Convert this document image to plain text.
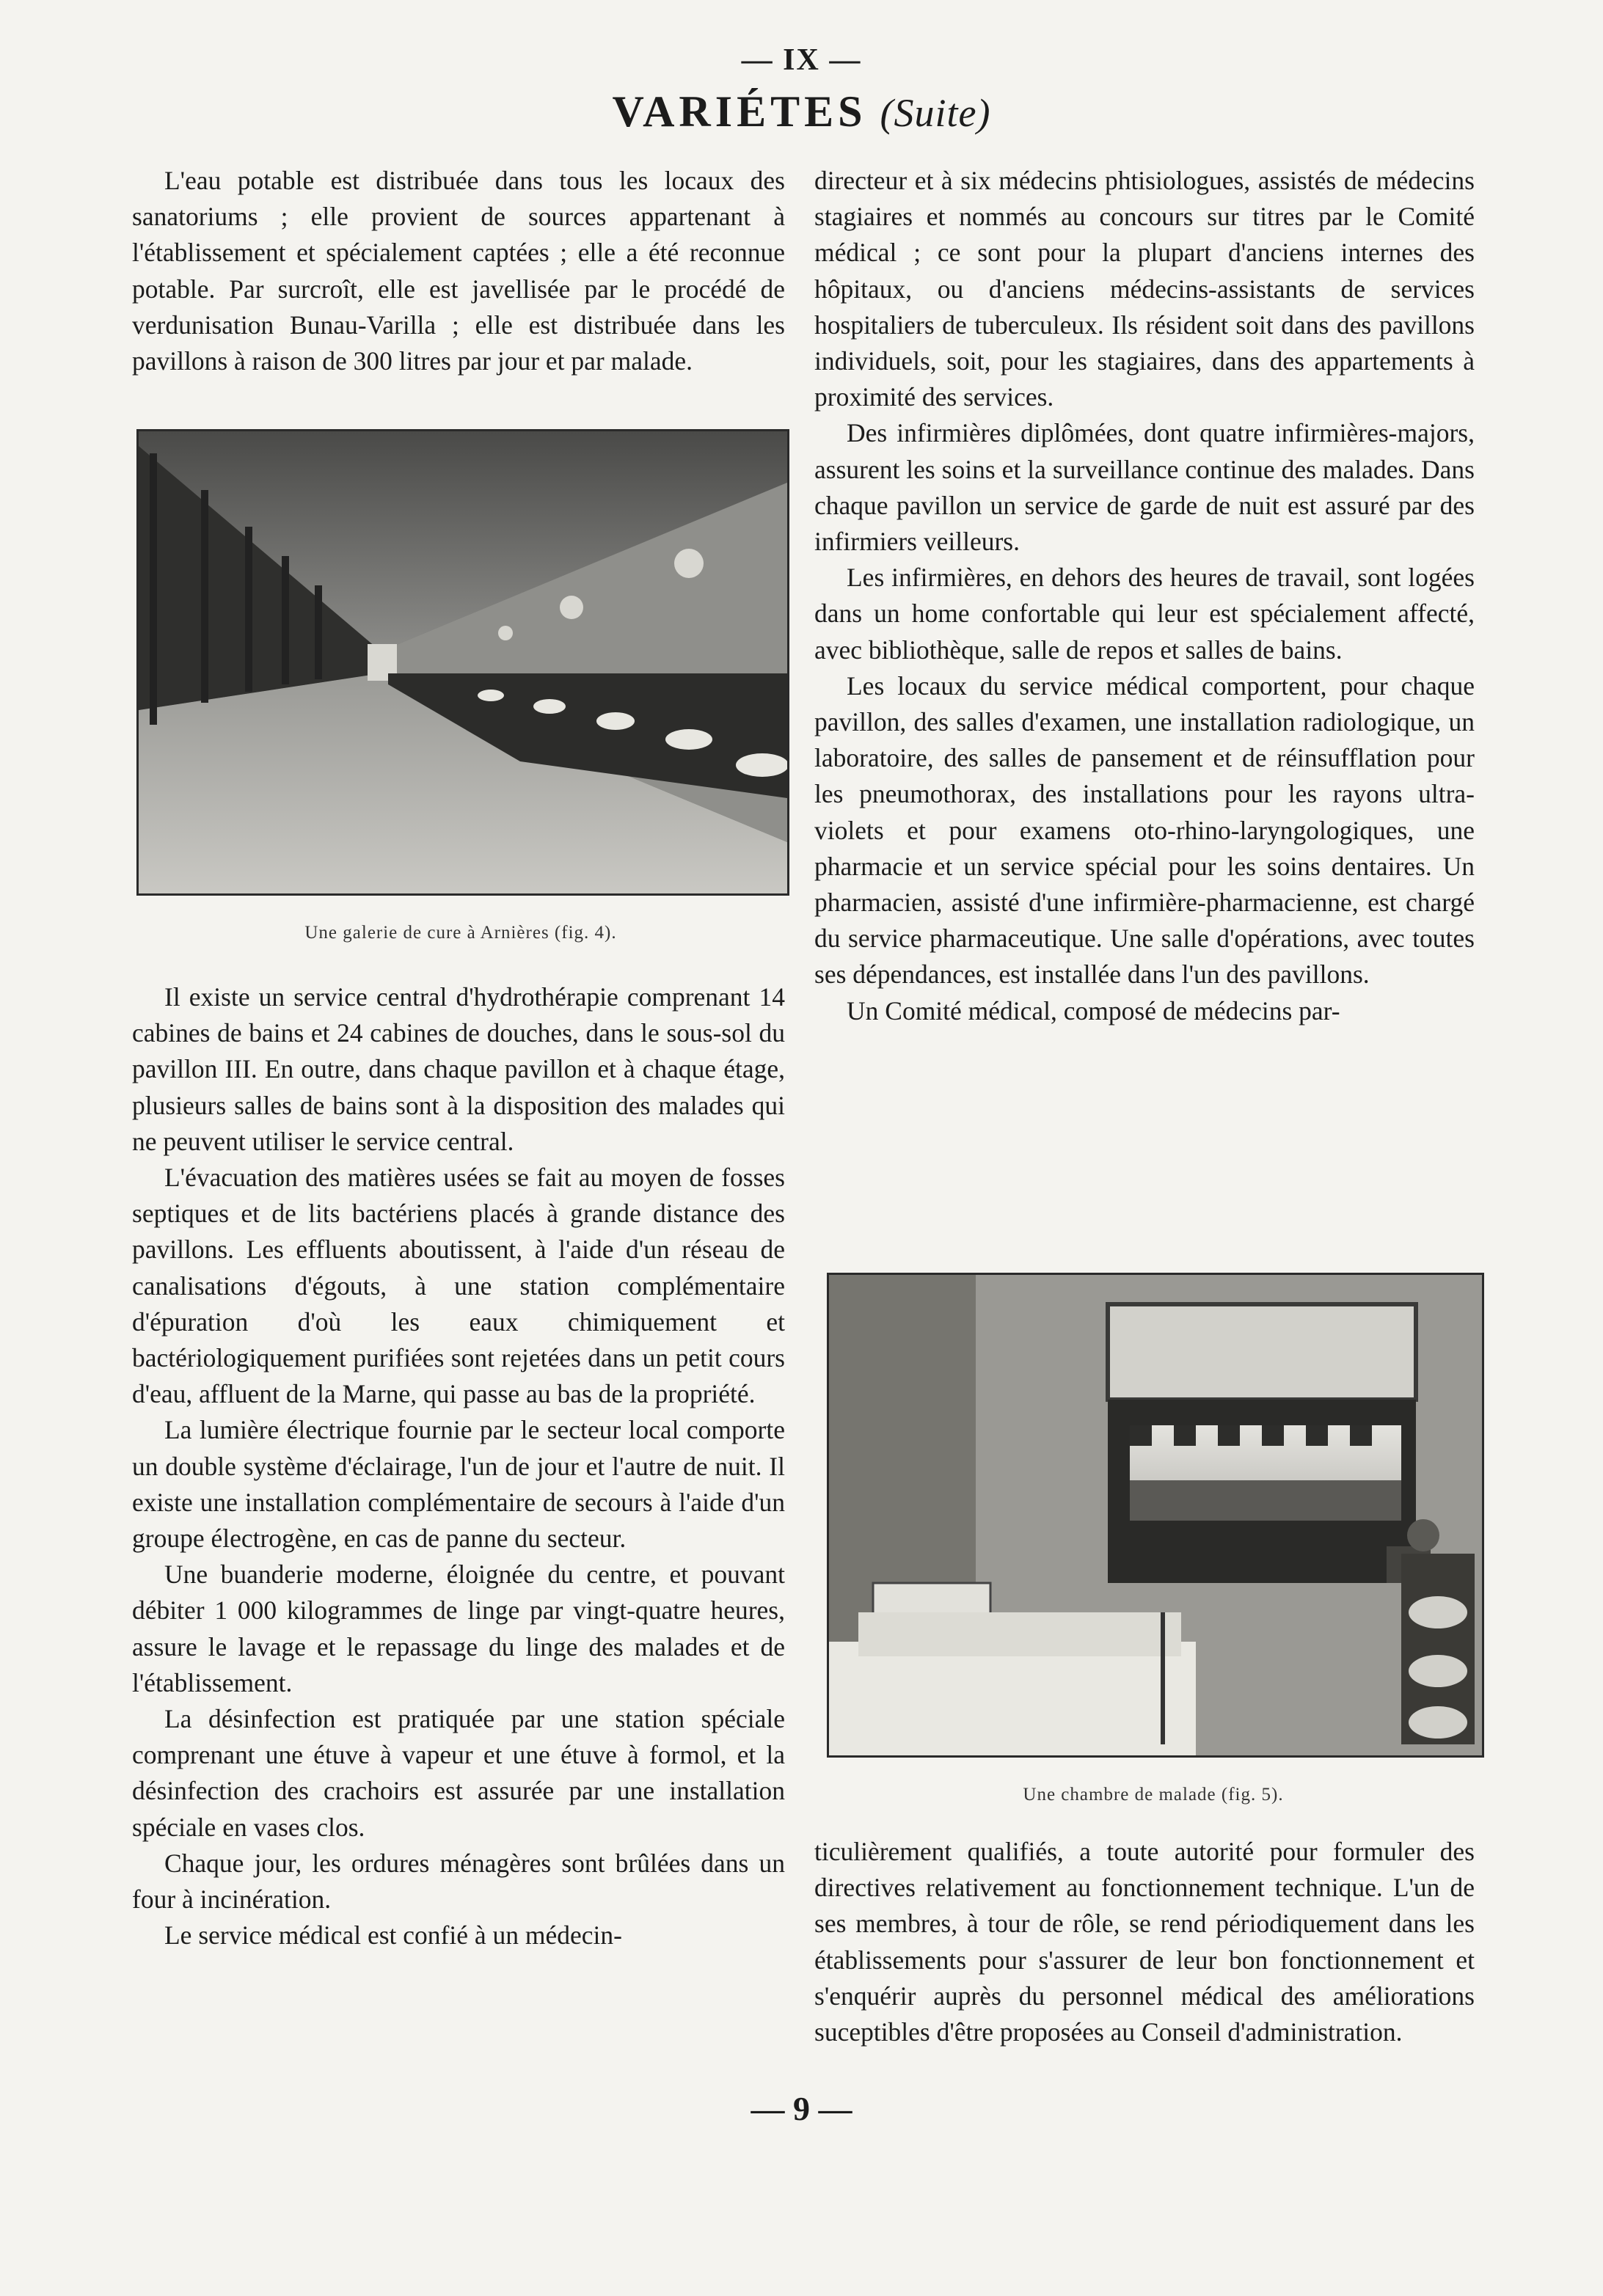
— IX —
VARIÉTES (Suite)

L'eau potable est distribuée dans tous les locaux des sanatoriums ; elle provient de sources appartenant à l'établissement et spécialement captées ; elle a été reconnue potable. Par surcroît, elle est javellisée par le procédé de verdunisation Bunau-Varilla ; elle est distribuée dans les pavillons à raison de 300 litres par jour et par malade.

Une galerie de cure à Arnières (fig. 4).

Il existe un service central d'hydrothérapie comprenant 14 cabines de bains et 24 cabines de douches, dans le sous-sol du pavillon III. En outre, dans chaque pavillon et à chaque étage, plusieurs salles de bains sont à la disposition des malades qui ne peuvent utiliser le service central.

L'évacuation des matières usées se fait au moyen de fosses septiques et de lits bactériens placés à grande distance des pavillons. Les effluents aboutissent, à l'aide d'un réseau de canalisations d'égouts, à une station complémentaire d'épuration d'où les eaux chimiquement et bactériologiquement purifiées sont rejetées dans un petit cours d'eau, affluent de la Marne, qui passe au bas de la propriété.

La lumière électrique fournie par le secteur local comporte un double système d'éclairage, l'un de jour et l'autre de nuit. Il existe une installation complémentaire de secours à l'aide d'un groupe électrogène, en cas de panne du secteur.

Une buanderie moderne, éloignée du centre, et pouvant débiter 1 000 kilogrammes de linge par vingt-quatre heures, assure le lavage et le repassage du linge des malades et de l'établissement.

La désinfection est pratiquée par une station spéciale comprenant une étuve à vapeur et une étuve à formol, et la désinfection des crachoirs est assurée par une installation spéciale en vases clos.

Chaque jour, les ordures ménagères sont brûlées dans un four à incinération.

Le service médical est confié à un médecin-

directeur et à six médecins phtisiologues, assistés de médecins stagiaires et nommés au concours sur titres par le Comité médical ; ce sont pour la plupart d'anciens internes des hôpitaux, ou d'anciens médecins-assistants de services hospitaliers de tuberculeux. Ils résident soit dans des pavillons individuels, soit, pour les stagiaires, dans des appartements à proximité des services.

Des infirmières diplômées, dont quatre infirmières-majors, assurent les soins et la surveillance continue des malades. Dans chaque pavillon un service de garde de nuit est assuré par des infirmiers veilleurs.

Les infirmières, en dehors des heures de travail, sont logées dans un home confortable qui leur est spécialement affecté, avec bibliothèque, salle de repos et salles de bains.

Les locaux du service médical comportent, pour chaque pavillon, des salles d'examen, une installation radiologique, un laboratoire, des salles de pansement et de réinsufflation pour les pneumothorax, des installations pour les rayons ultra-violets et pour examens oto-rhino-laryngologiques, une pharmacie et un service spécial pour les soins dentaires. Un pharmacien, assisté d'une infirmière-pharmacienne, est chargé du service pharmaceutique. Une salle d'opérations, avec toutes ses dépendances, est installée dans l'un des pavillons.

Un Comité médical, composé de médecins par-

Une chambre de malade (fig. 5).

ticulièrement qualifiés, a toute autorité pour formuler des directives relativement au fonctionnement technique. L'un de ses membres, à tour de rôle, se rend périodiquement dans les établissements pour s'assurer de leur bon fonctionnement et s'enquérir auprès du personnel médical des améliorations suceptibles d'être proposées au Conseil d'administration.

— 9 —
